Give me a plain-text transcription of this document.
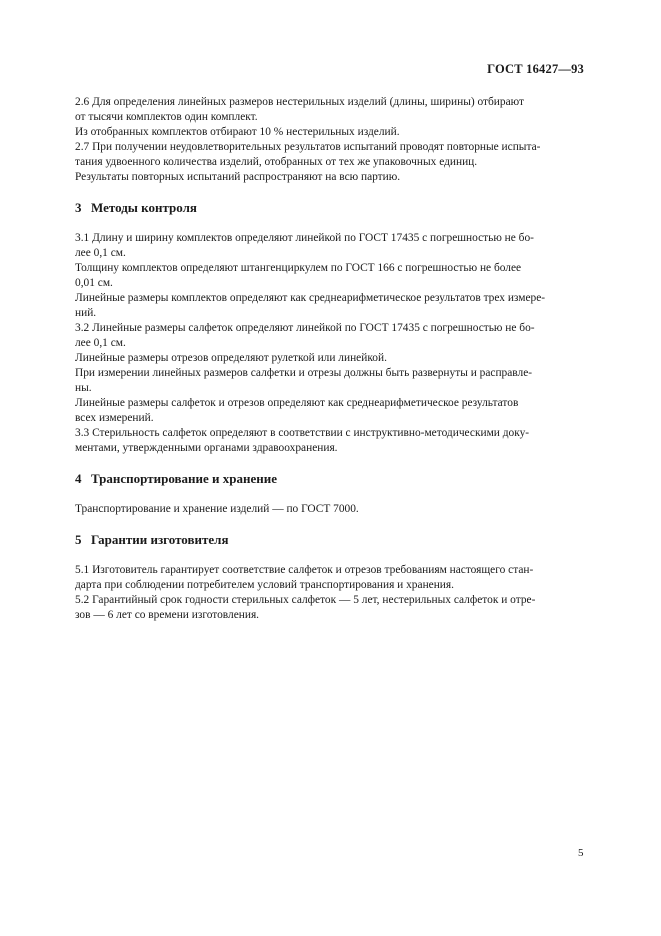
ГОСТ 16427—93
2.6 Для определения линейных размеров нестерильных изделий (длины, ширины) отбирают
от тысячи комплектов один комплект.
Из отобранных комплектов отбирают 10 % нестерильных изделий.
2.7 При получении неудовлетворительных результатов испытаний проводят повторные испыта-
тания удвоенного количества изделий, отобранных от тех же упаковочных единиц.
Результаты повторных испытаний распространяют на всю партию.
3 Методы контроля
3.1 Длину и ширину комплектов определяют линейкой по ГОСТ 17435 с погрешностью не бо-
лее 0,1 см.
Толщину комплектов определяют штангенциркулем по ГОСТ 166 с погрешностью не более
0,01 см.
Линейные размеры комплектов определяют как среднеарифметическое результатов трех измере-
ний.
3.2 Линейные размеры салфеток определяют линейкой по ГОСТ 17435 с погрешностью не бо-
лее 0,1 см.
Линейные размеры отрезов определяют рулеткой или линейкой.
При измерении линейных размеров салфетки и отрезы должны быть развернуты и расправле-
ны.
Линейные размеры салфеток и отрезов определяют как среднеарифметическое результатов
всех измерений.
3.3 Стерильность салфеток определяют в соответствии с инструктивно-методическими доку-
ментами, утвержденными органами здравоохранения.
4 Транспортирование и хранение
Транспортирование и хранение изделий — по ГОСТ 7000.
5 Гарантии изготовителя
5.1 Изготовитель гарантирует соответствие салфеток и отрезов требованиям настоящего стан-
дарта при соблюдении потребителем условий транспортирования и хранения.
5.2 Гарантийный срок годности стерильных салфеток — 5 лет, нестерильных салфеток и отре-
зов — 6 лет со времени изготовления.
5
